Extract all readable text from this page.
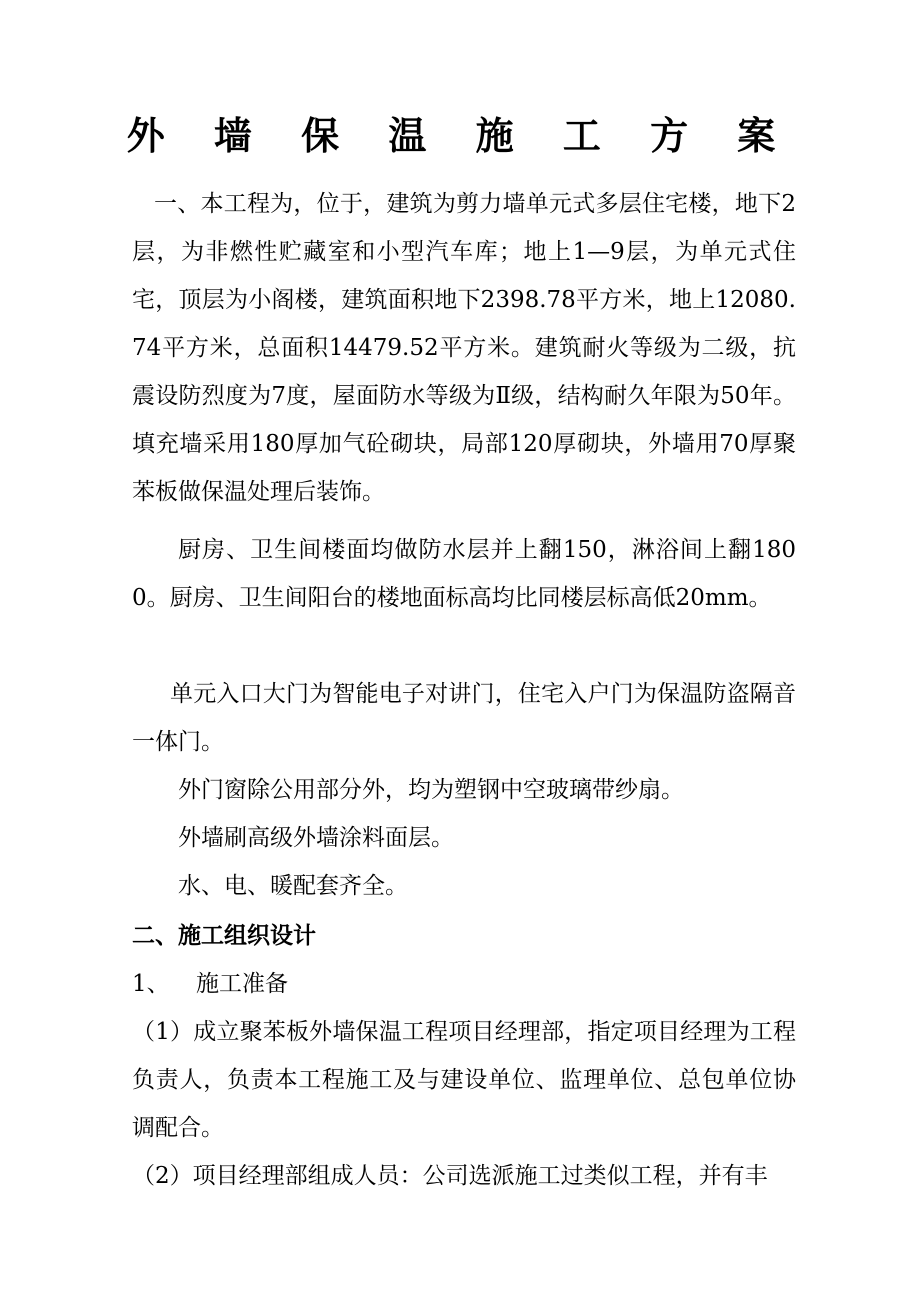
外 墙 保 温 施 工 方 案
一、本工程为，位于，建筑为剪力墙单元式多层住宅楼，地下2层，为非燃性贮藏室和小型汽车库；地上1—9层，为单元式住宅，顶层为小阁楼，建筑面积地下2398.78平方米，地上12080.74平方米，总面积14479.52平方米。建筑耐火等级为二级，抗震设防烈度为7度，屋面防水等级为Ⅱ级，结构耐久年限为50年。填充墙采用180厚加气砼砌块，局部120厚砌块，外墙用70厚聚苯板做保温处理后装饰。
厨房、卫生间楼面均做防水层并上翻150，淋浴间上翻1800。厨房、卫生间阳台的楼地面标高均比同楼层标高低20mm。
单元入口大门为智能电子对讲门，住宅入户门为保温防盗隔音一体门。
外门窗除公用部分外，均为塑钢中空玻璃带纱扇。
外墙刷高级外墙涂料面层。
水、电、暖配套齐全。
二、施工组织设计
1、 施工准备
（1）成立聚苯板外墙保温工程项目经理部，指定项目经理为工程负责人，负责本工程施工及与建设单位、监理单位、总包单位协调配合。
（2）项目经理部组成人员：公司选派施工过类似工程，并有丰
